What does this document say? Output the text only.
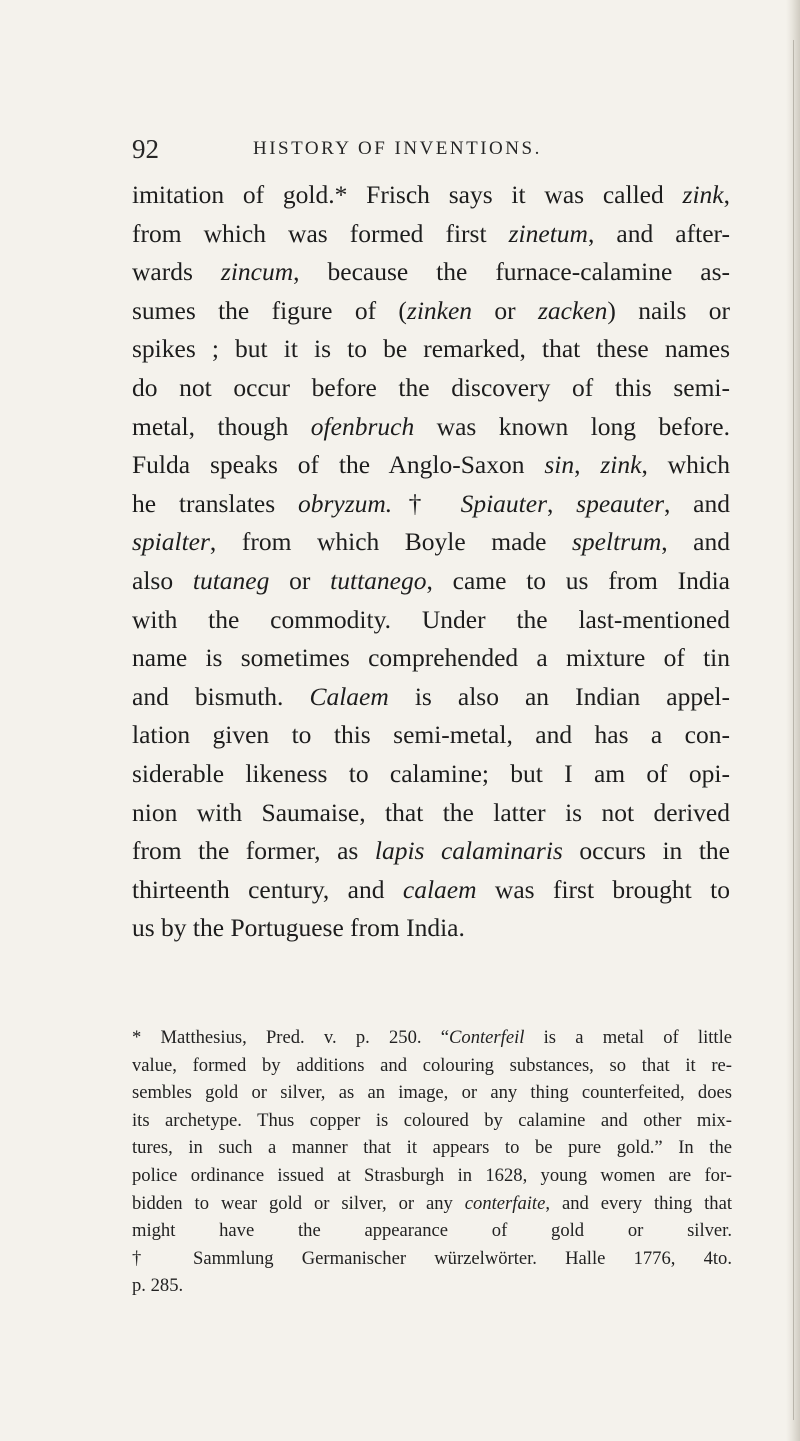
92	HISTORY OF INVENTIONS.
imitation of gold.* Frisch says it was called zink,
from which was formed first zinetum, and after-
wards zincum, because the furnace-calamine as-
sumes the figure of (zinken or zacken) nails or
spikes ; but it is to be remarked, that these names
do not occur before the discovery of this semi-
metal, though ofenbruch was known long before.
Fulda speaks of the Anglo-Saxon sin, zink, which
he translates obryzum.† Spiauter, speauter, and
spialter, from which Boyle made speltrum, and
also tutaneg or tuttanego, came to us from India
with the commodity. Under the last-mentioned
name is sometimes comprehended a mixture of tin
and bismuth. Calaem is also an Indian appel-
lation given to this semi-metal, and has a con-
siderable likeness to calamine; but I am of opi-
nion with Saumaise, that the latter is not derived
from the former, as lapis calaminaris occurs in the
thirteenth century, and calaem was first brought to
us by the Portuguese from India.
* Matthesius, Pred. v. p. 250. “Conterfeil is a metal of little
value, formed by additions and colouring substances, so that it re-
sembles gold or silver, as an image, or any thing counterfeited, does
its archetype. Thus copper is coloured by calamine and other mix-
tures, in such a manner that it appears to be pure gold.” In the
police ordinance issued at Strasburgh in 1628, young women are for-
bidden to wear gold or silver, or any conterfaite, and every thing that
might have the appearance of gold or silver.
† Sammlung Germanischer würzelwörter. Halle 1776, 4to.
p. 285.
